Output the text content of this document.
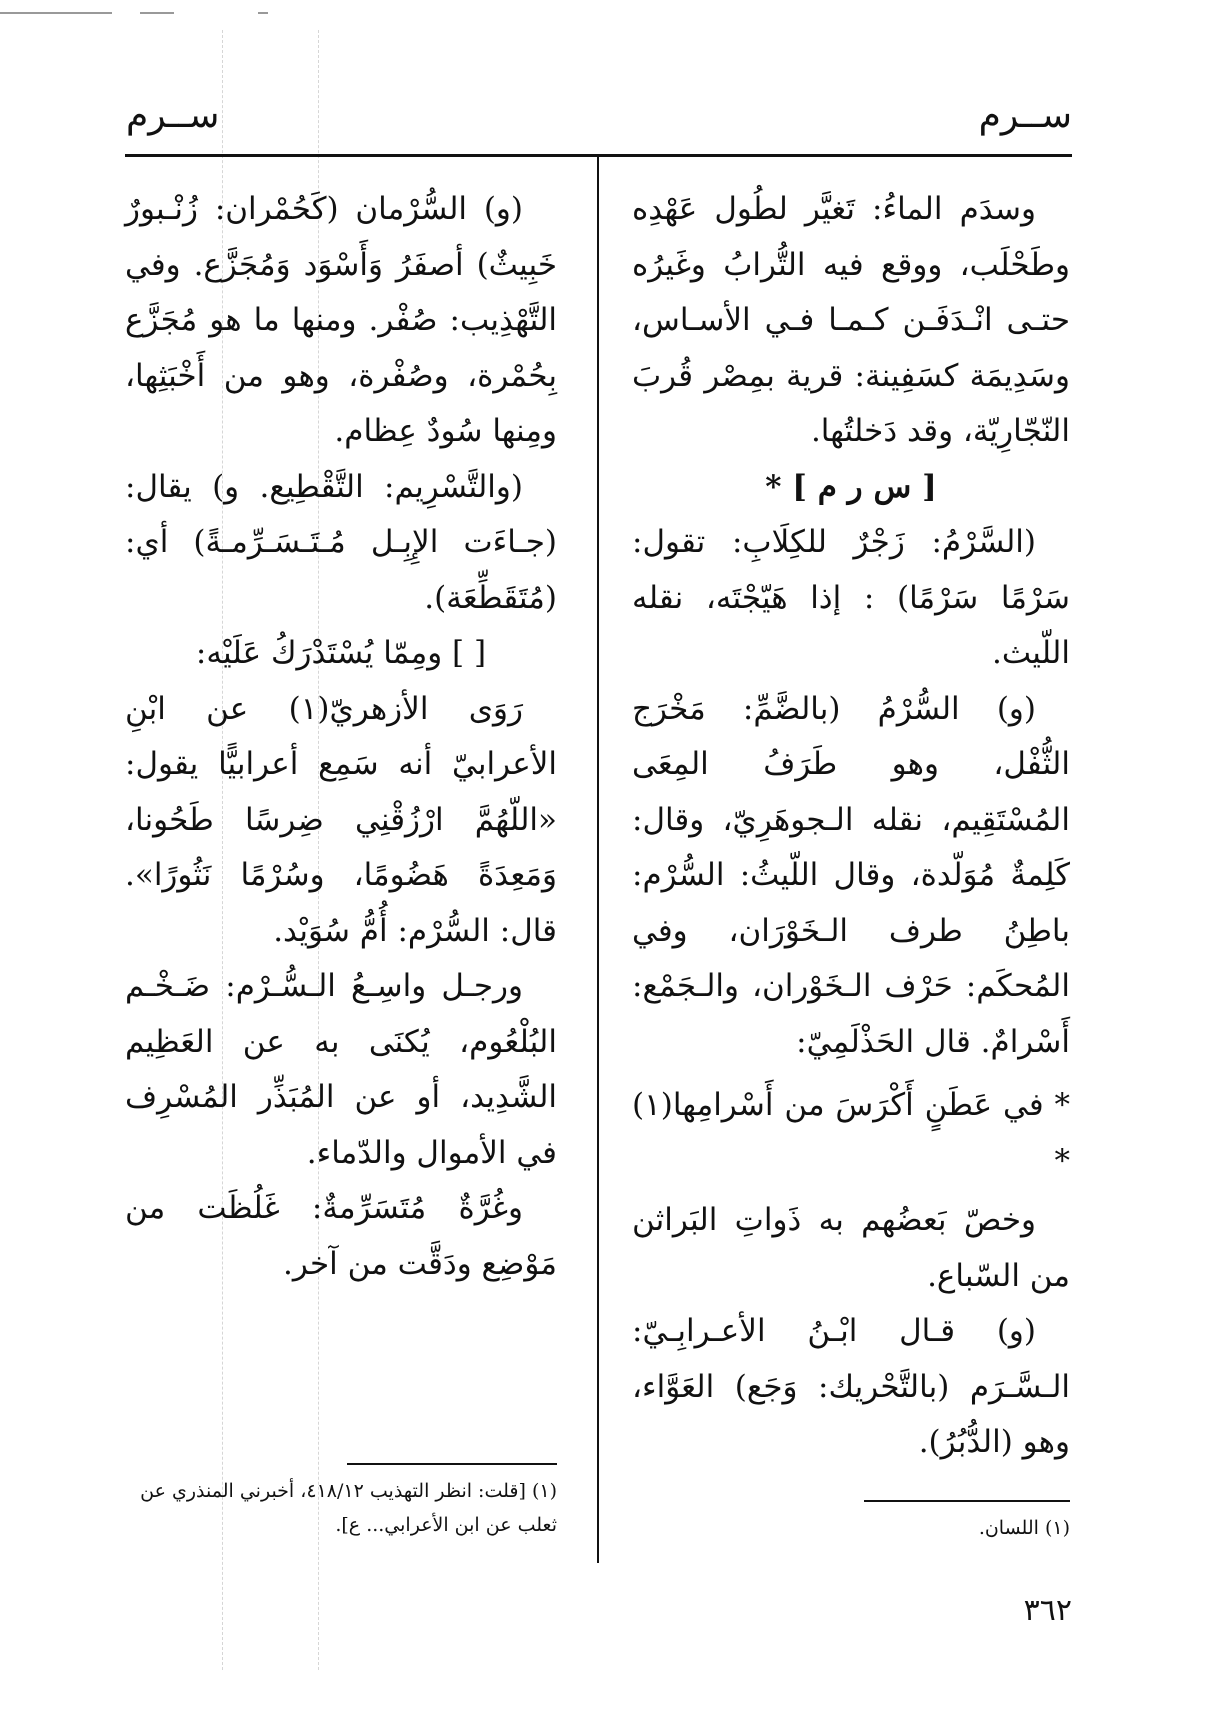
ســرم	ســرم

وسدَم الماءُ: تَغيَّر لطُول عَهْدِه وطَحْلَب، ووقع فيه التُّرابُ وغَيرُه حتـى انْـدَفَـن كـمـا فـي الأسـاس، وسَدِيمَة كسَفِينة: قرية بمِصْر قُربَ النّجّارِيّة، وقد دَخلتُها.

[ س ر م ] *

(السَّرْمُ: زَجْرٌ للكِلَابِ: تقول: سَرْمًا سَرْمًا) : إذا هَيّجْتَه، نقله اللّيث.

(و) السُّرْمُ (بالضَّمِّ: مَخْرَج الثُّفْل، وهو طَرَفُ المِعَى المُسْتَقِيم، نقله الـجوهَرِيّ، وقال: كَلِمةٌ مُوَلّدة، وقال اللّيثُ: السُّرْم: باطِنُ طرف الـخَوْرَان، وفي المُحكَم: حَرْف الـخَوْران، والـجَمْع: أَسْرامٌ. قال الحَذْلَمِيّ:

* في عَطَنٍ أَكْرَسَ من أَسْرامِها(١) *

وخصّ بَعضُهم به ذَواتِ البَراثن من السّباع.

(و) قـال ابْـنُ الأعـرابِـيّ: الـسَّـرَم (بالتَّحْريك: وَجَع) العَوَّاء، وهو (الدُّبُرُ).

(١) اللسان.

(و) السُّرْمان (كَحُمْران: زُنْـبورٌ خَبِيثٌ) أصفَرُ وَأَسْوَد وَمُجَزَّع. وفي التَّهْذِيب: صُفْر. ومنها ما هو مُجَزَّع بِحُمْرة، وصُفْرة، وهو من أَخْبَثِها، ومِنها سُودٌ عِظام.

(والتَّسْرِيم: التَّقْطِيع. و) يقال: (جـاءَت الإِبِـل مُـتَـسَـرِّمـةً) أي: (مُتَقَطِّعَة).

[ ] ومِمّا يُسْتَدْرَكُ عَلَيْه:

رَوَى الأزهريّ(١) عن ابْنِ الأعرابيّ أنه سَمِع أعرابيًّا يقول: «اللّهُمَّ ارْزُقْنِي ضِرسًا طَحُونا، وَمَعِدَةً هَضُومًا، وسُرْمًا نَثُورًا». قال: السُّرْم: أُمُّ سُوَيْد.

ورجـل واسِـعُ الـسُّـرْم: ضَـخْـم البُلْعُوم، يُكنَى به عن العَظِيم الشَّدِيد، أو عن المُبَذِّر المُسْرِف في الأموال والدّماء.

وغُرَّةٌ مُتَسَرِّمةٌ: غَلُظَت من مَوْضِع ودَقَّت من آخر.

(١) [قلت: انظر التهذيب ٤١٨/١٢، أخبرني المنذري عن ثعلب عن ابن الأعرابي... ع].

٣٦٢
